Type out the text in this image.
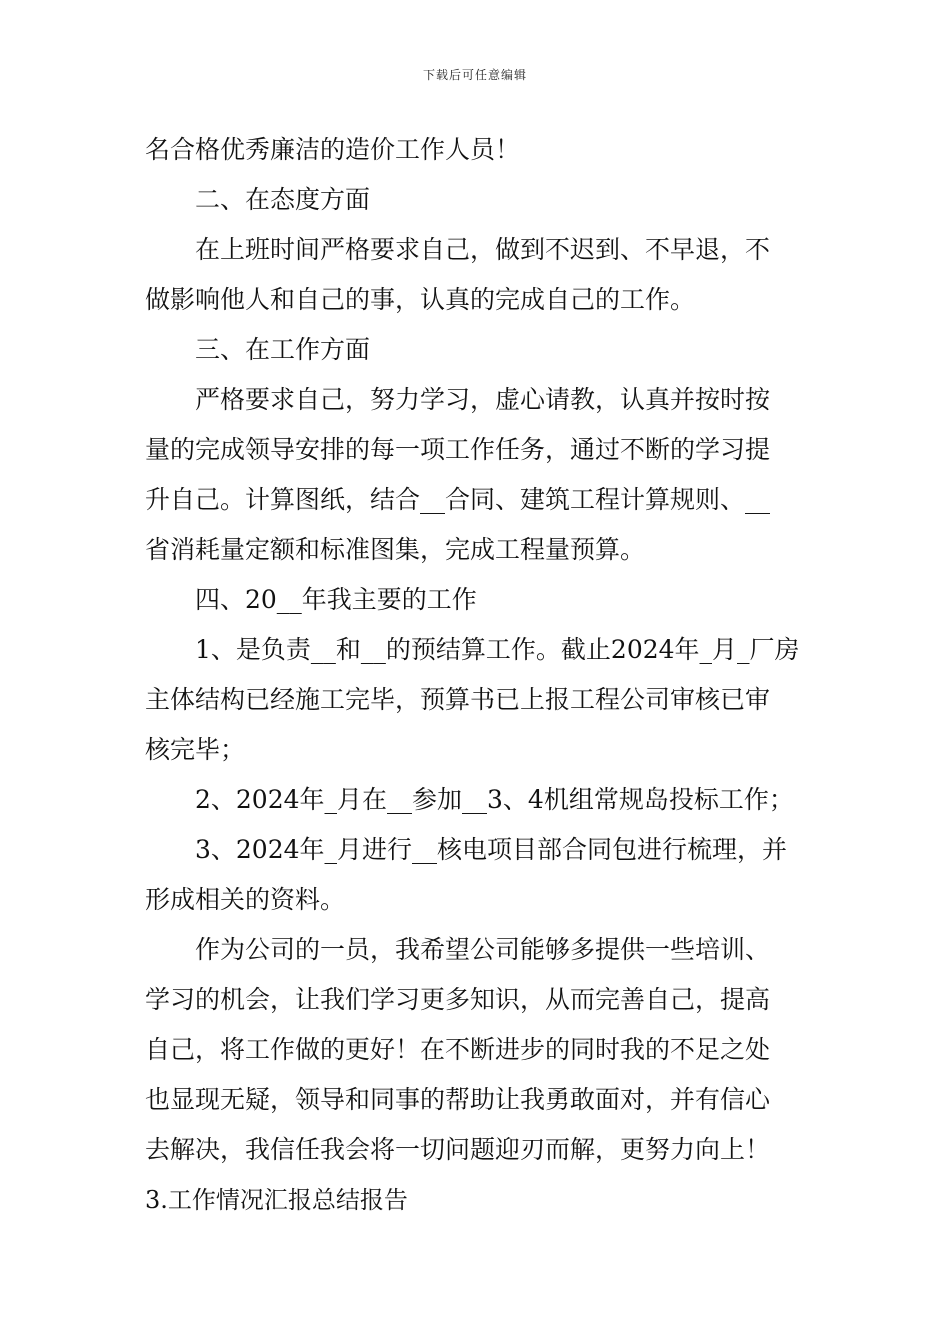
下载后可任意编辑
名合格优秀廉洁的造价工作人员！
二、在态度方面
在上班时间严格要求自己，做到不迟到、不早退，不
做影响他人和自己的事，认真的完成自己的工作。
三、在工作方面
严格要求自己，努力学习，虚心请教，认真并按时按
量的完成领导安排的每一项工作任务，通过不断的学习提
升自己。计算图纸，结合__合同、建筑工程计算规则、__
省消耗量定额和标准图集，完成工程量预算。
四、20__年我主要的工作
1、是负责__和__的预结算工作。截止2024年_月_厂房
主体结构已经施工完毕，预算书已上报工程公司审核已审
核完毕；
2、2024年_月在__参加__3、4机组常规岛投标工作；
3、2024年_月进行__核电项目部合同包进行梳理，并
形成相关的资料。
作为公司的一员，我希望公司能够多提供一些培训、
学习的机会，让我们学习更多知识，从而完善自己，提高
自己，将工作做的更好！在不断进步的同时我的不足之处
也显现无疑，领导和同事的帮助让我勇敢面对，并有信心
去解决，我信任我会将一切问题迎刃而解，更努力向上！
3.工作情况汇报总结报告
